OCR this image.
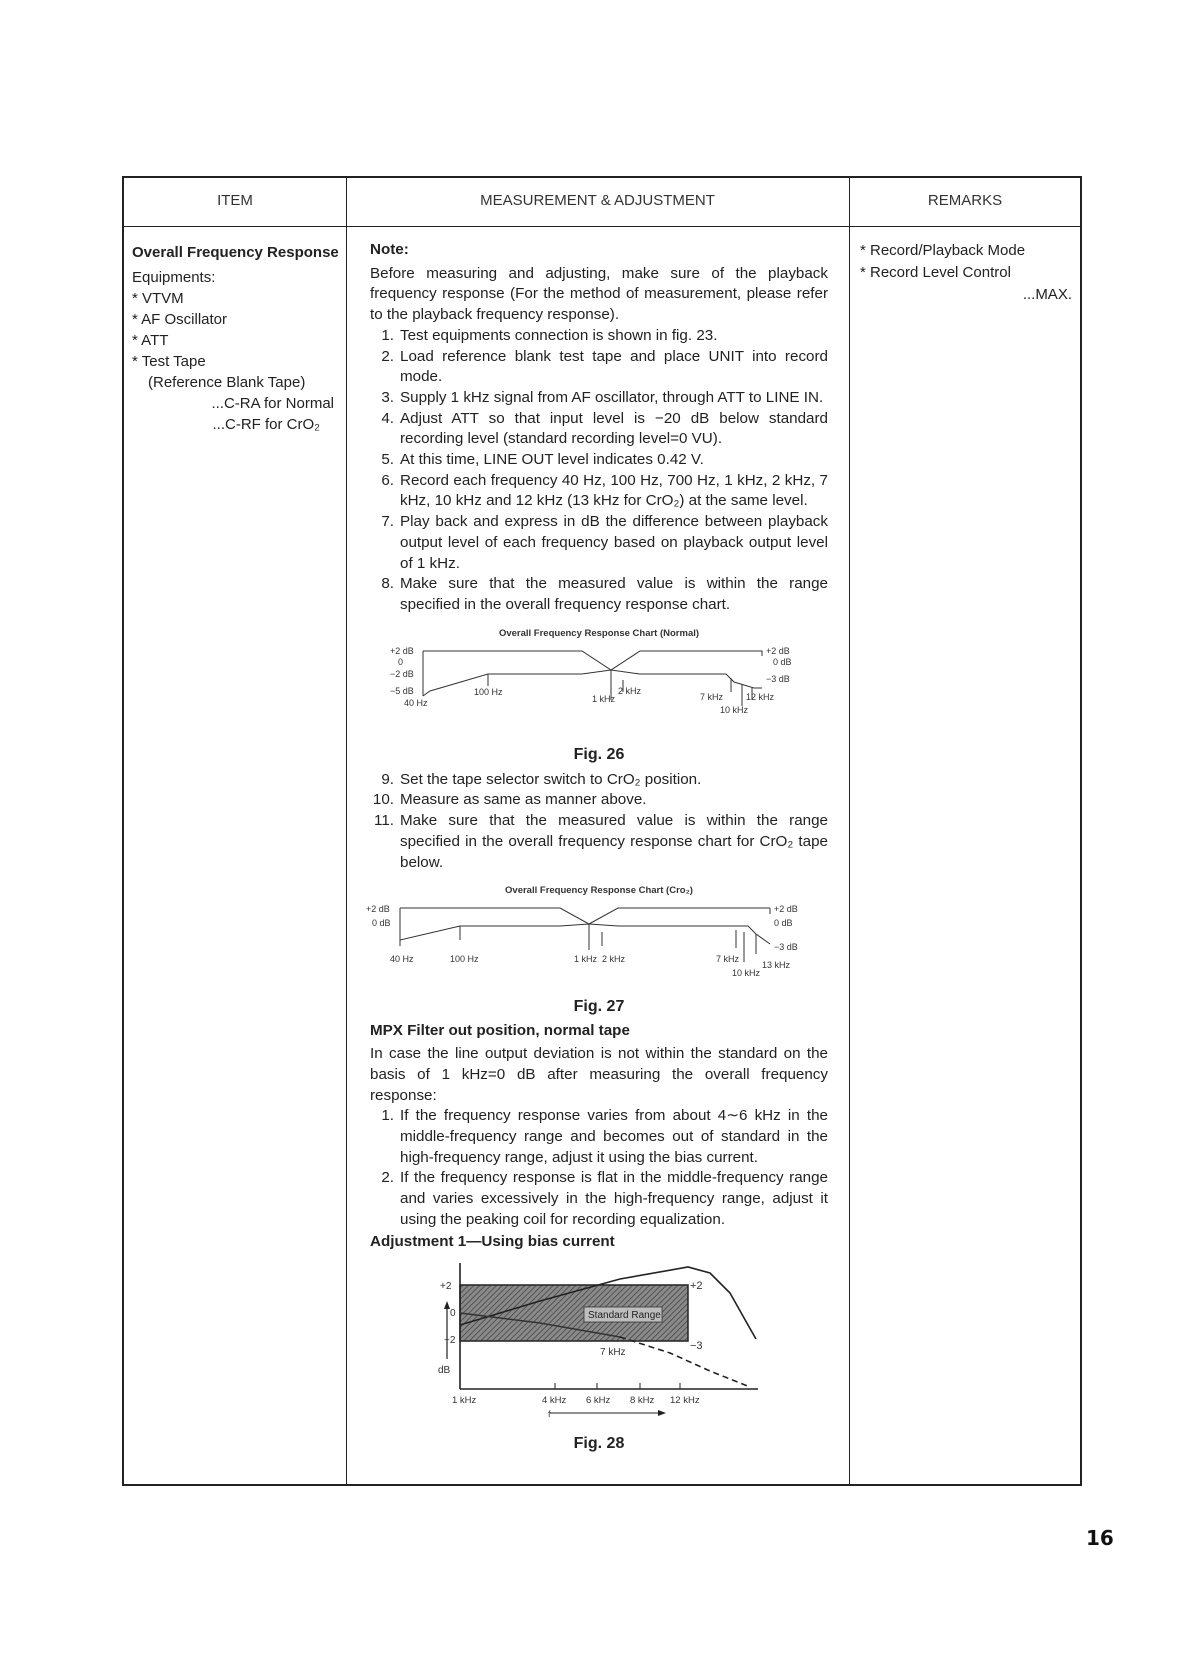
ITEM	MEASUREMENT & ADJUSTMENT	REMARKS
Overall Frequency Response
Equipments:
* VTVM
* AF Oscillator
* ATT
* Test Tape
(Reference Blank Tape)
...C-RA for Normal
...C-RF for CrO₂
Note:

Before measuring and adjusting, make sure of the playback frequency response (For the method of measurement, please refer to the playback frequency response).

1. Test equipments connection is shown in fig. 23.
2. Load reference blank test tape and place UNIT into record mode.
3. Supply 1 kHz signal from AF oscillator, through ATT to LINE IN.
4. Adjust ATT so that input level is −20 dB below standard recording level (standard recording level=0 VU).
5. At this time, LINE OUT level indicates 0.42 V.
6. Record each frequency 40 Hz, 100 Hz, 700 Hz, 1 kHz, 2 kHz, 7 kHz, 10 kHz and 12 kHz (13 kHz for CrO₂) at the same level.
7. Play back and express in dB the difference between playback output level of each frequency based on playback output level of 1 kHz.
8. Make sure that the measured value is within the range specified in the overall frequency response chart.
Overall Frequency Response Chart (Normal)
+2 dB
0
−2 dB
−5 dB
+2 dB
0 dB
−3 dB
40 Hz
100 Hz
1 kHz
2 kHz
7 kHz
10 kHz
12 kHz
Fig. 26
9. Set the tape selector switch to CrO₂ position.
10. Measure as same as manner above.
11. Make sure that the measured value is within the range specified in the overall frequency response chart for CrO₂ tape below.
Overall Frequency Response Chart (Cro₂)
+2 dB
0 dB
+2 dB
0 dB
−3 dB
40 Hz	100 Hz	1 kHz 2 kHz	7 kHz
10 kHz
13 kHz
Fig. 27
MPX Filter out position, normal tape

In case the line output deviation is not within the standard on the basis of 1 kHz=0 dB after measuring the overall frequency response:

1. If the frequency response varies from about 4∼6 kHz in the middle-frequency range and becomes out of standard in the high-frequency range, adjust it using the bias current.
2. If the frequency response is flat in the middle-frequency range and varies excessively in the high-frequency range, adjust it using the peaking coil for recording equalization.
Adjustment 1—Using bias current
Standard Range
+2
0
−2
dB
+2
−3
7 kHz
1 kHz	4 kHz 6 kHz 8 kHz 12 kHz
f
Fig. 28
* Record/Playback Mode
* Record Level Control
...MAX.
16
